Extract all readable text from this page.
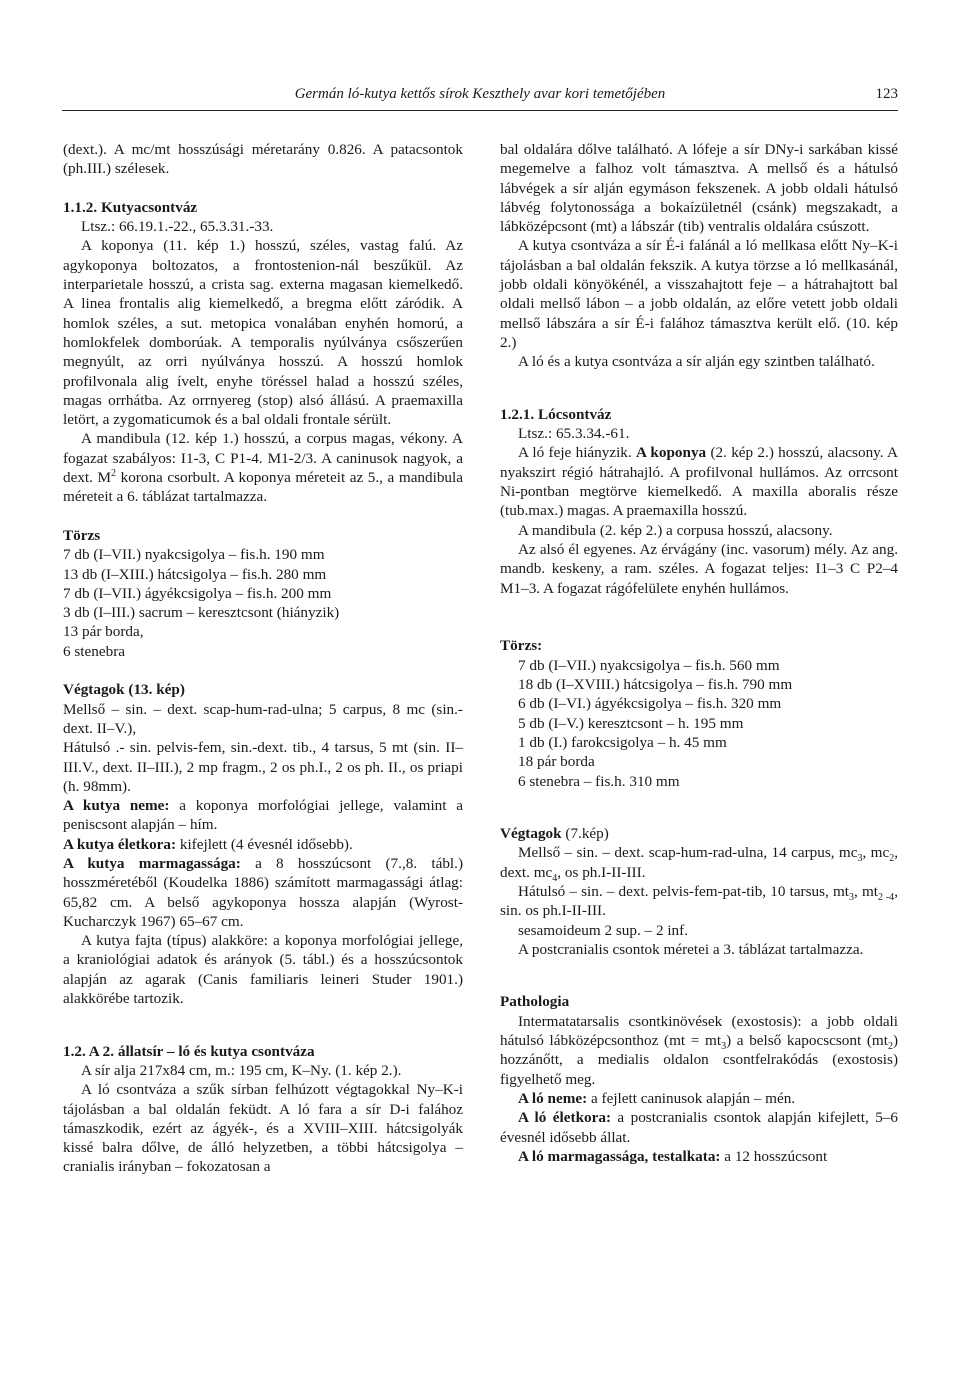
Germán ló-kutya kettős sírok Keszthely avar kori temetőjében	123

(dext.). A mc/mt hosszúsági méretarány 0.826. A patacsontok (ph.III.) szélesek.

1.1.2. Kutyacsontváz

Ltsz.: 66.19.1.-22., 65.3.31.-33.

A koponya (11. kép 1.) hosszú, széles, vastag falú. Az agykoponya boltozatos, a frontostenion-nál beszűkül. Az interparietale hosszú, a crista sag. externa magasan kiemelkedő. A linea frontalis alig kiemelkedő, a bregma előtt záródik. A homlok széles, a sut. metopica vonalában enyhén homorú, a homlokfelek domborúak. A temporalis nyúlványa csőszerűen megnyúlt, az orri nyúlványa hosszú. A hosszú homlok profilvonala alig ívelt, enyhe töréssel halad a hosszú széles, magas orrhátba. Az orrnyereg (stop) alsó állású. A praemaxilla letört, a zygomaticumok és a bal oldali frontale sérült.

A mandibula (12. kép 1.) hosszú, a corpus magas, vékony. A fogazat szabályos: I1-3, C P1-4. M1-2/3. A caninusok nagyok, a dext. $M^2$ korona csorbult. A koponya méreteit az 5., a mandibula méreteit a 6. táblázat tartalmazza.

Törzs

7 db (I–VII.) nyakcsigolya – fis.h. 190 mm

13 db (I–XIII.) hátcsigolya – fis.h. 280 mm

7 db (I–VII.) ágyékcsigolya – fis.h. 200 mm

3 db (I–III.) sacrum – keresztcsont (hiányzik)

13 pár borda,

6 stenebra

Végtagok (13. kép)

Mellső – sin. – dext. scap-hum-rad-ulna; 5 carpus, 8 mc (sin.-dext. II–V.),

Hátulsó .- sin. pelvis-fem, sin.-dext. tib., 4 tarsus, 5 mt (sin. II–III.V., dext. II–III.), 2 mp fragm., 2 os ph.I., 2 os ph. II., os priapi (h. 98mm).

A kutya neme: a koponya morfológiai jellege, valamint a peniscsont alapján – hím.

A kutya életkora: kifejlett (4 évesnél idősebb).

A kutya marmagassága: a 8 hosszúcsont (7.,8. tábl.) hosszméretéből (Koudelka 1886) számított marmagassági átlag: 65,82 cm. A belső agykoponya hossza alapján (Wyrost-Kucharczyk 1967) 65–67 cm.

A kutya fajta (típus) alakköre: a koponya morfológiai jellege, a kraniológiai adatok és arányok (5. tábl.) és a hosszúcsontok alapján az agarak (Canis familiaris leineri Studer 1901.) alakkörébe tartozik.

1.2. A 2. állatsír – ló és kutya csontváza

A sír alja 217x84 cm, m.: 195 cm, K–Ny. (1. kép 2.).

A ló csontváza a szűk sírban felhúzott végtagokkal Ny–K-i tájolásban a bal oldalán feküdt. A ló fara a sír D-i falához támaszkodik, ezért az ágyék-, és a XVIII–XIII. hátcsigolyák kissé balra dőlve, de álló helyzetben, a többi hátcsigolya – cranialis irányban – fokozatosan a

bal oldalára dőlve található. A lófeje a sír DNy-i sarkában kissé megemelve a falhoz volt támasztva. A mellső és a hátulsó lábvégek a sír alján egymáson fekszenek. A jobb oldali hátulsó lábvég folytonossága a bokaízületnél (csánk) megszakadt, a lábközépcsont (mt) a lábszár (tib) ventralis oldalára csúszott.

A kutya csontváza a sír É-i falánál a ló mellkasa előtt Ny–K-i tájolásban a bal oldalán fekszik. A kutya törzse a ló mellkasánál, jobb oldali könyökénél, a visszahajtott feje – a hátrahajtott bal oldali mellső lábon – a jobb oldalán, az előre vetett jobb oldali mellső lábszára a sír É-i falához támasztva került elő. (10. kép 2.)

A ló és a kutya csontváza a sír alján egy szintben található.

1.2.1. Lócsontváz

Ltsz.: 65.3.34.-61.

A ló feje hiányzik. A koponya (2. kép 2.) hosszú, alacsony. A nyakszirt régió hátrahajló. A profilvonal hullámos. Az orrcsont Ni-pontban megtörve kiemelkedő. A maxilla aboralis része (tub.max.) magas. A praemaxilla hosszú.

A mandibula (2. kép 2.) a corpusa hosszú, alacsony.

Az alsó él egyenes. Az érvágány (inc. vasorum) mély. Az ang. mandb. keskeny, a ram. széles. A fogazat teljes: I1–3 C P2–4 M1–3. A fogazat rágófelülete enyhén hullámos.

Törzs:

7 db (I–VII.) nyakcsigolya – fis.h. 560 mm

18 db (I–XVIII.) hátcsigolya – fis.h. 790 mm

6 db (I–VI.) ágyékcsigolya – fis.h. 320 mm

5 db (I–V.) keresztcsont – h. 195 mm

1 db (I.) farokcsigolya – h. 45 mm

18 pár borda

6 stenebra – fis.h. 310 mm

Végtagok (7.kép)

Mellső – sin. – dext. scap-hum-rad-ulna, 14 carpus, $mc_3$, $mc_2$, dext. $mc_4$, os ph.I-II-III.

Hátulsó – sin. – dext. pelvis-fem-pat-tib, 10 tarsus, $mt_3$, $mt_{2 -4}$, sin. os ph.I-II-III.

sesamoideum 2 sup. – 2 inf.

A postcranialis csontok méretei a 3. táblázat tartalmazza.

Pathologia

Intermatatarsalis csontkinövések (exostosis): a jobb oldali hátulsó lábközépcsonthoz $(mt = mt_3)$ a belső kapocscsont $(mt_2)$ hozzánőtt, a medialis oldalon csontfelrakódás (exostosis) figyelhető meg.

A ló neme: a fejlett caninusok alapján – mén.

A ló életkora: a postcranialis csontok alapján kifejlett, 5–6 évesnél idősebb állat.

A ló marmagassága, testalkata: a 12 hosszúcsont
